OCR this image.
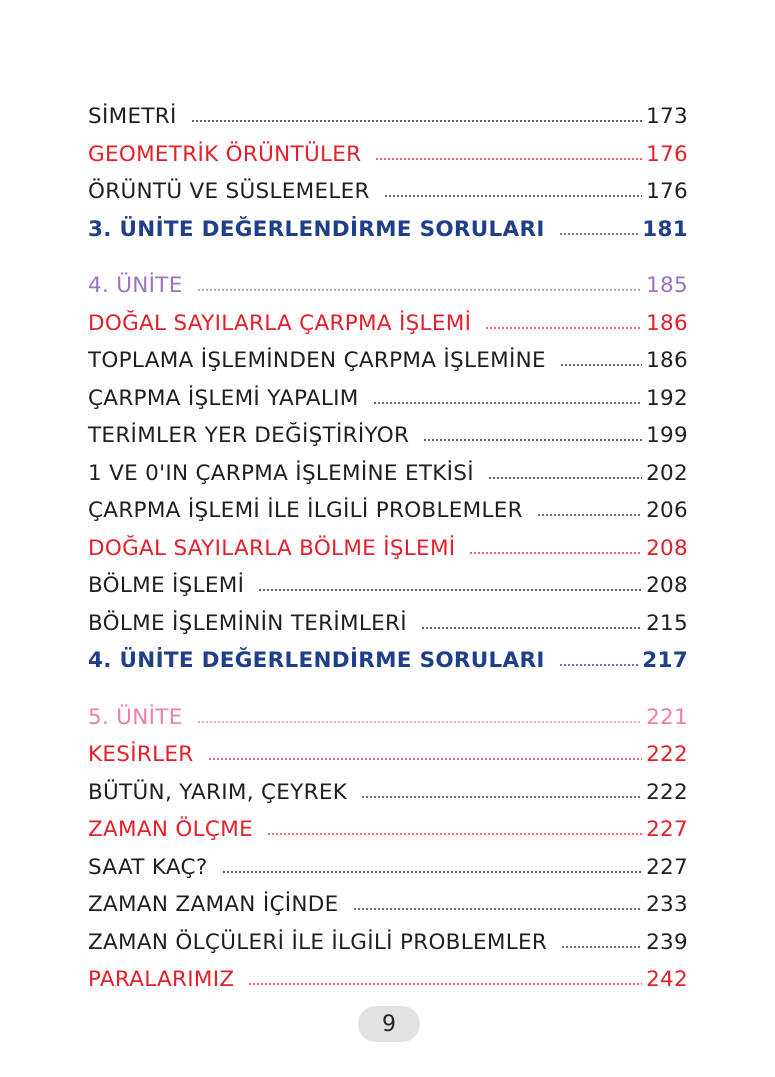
SİMETRİ	173
GEOMETRİK ÖRÜNTÜLER	176
ÖRÜNTÜ VE SÜSLEMELER	176
3. ÜNİTE DEĞERLENDİRME SORULARI	181
4. ÜNİTE	185
DOĞAL SAYILARLA ÇARPMA İŞLEMİ	186
TOPLAMA İŞLEMİNDEN ÇARPMA İŞLEMİNE	186
ÇARPMA İŞLEMİ YAPALIM	192
TERİMLER YER DEĞİŞTİRİYOR	199
1 VE 0'IN ÇARPMA İŞLEMİNE ETKİSİ	202
ÇARPMA İŞLEMİ İLE İLGİLİ PROBLEMLER	206
DOĞAL SAYILARLA BÖLME İŞLEMİ	208
BÖLME İŞLEMİ	208
BÖLME İŞLEMİNİN TERİMLERİ	215
4. ÜNİTE DEĞERLENDİRME SORULARI	217
5. ÜNİTE	221
KESİRLER	222
BÜTÜN, YARIM, ÇEYREK	222
ZAMAN ÖLÇME	227
SAAT KAÇ?	227
ZAMAN ZAMAN İÇİNDE	233
ZAMAN ÖLÇÜLERİ İLE İLGİLİ PROBLEMLER	239
PARALARIMIZ	242
9
